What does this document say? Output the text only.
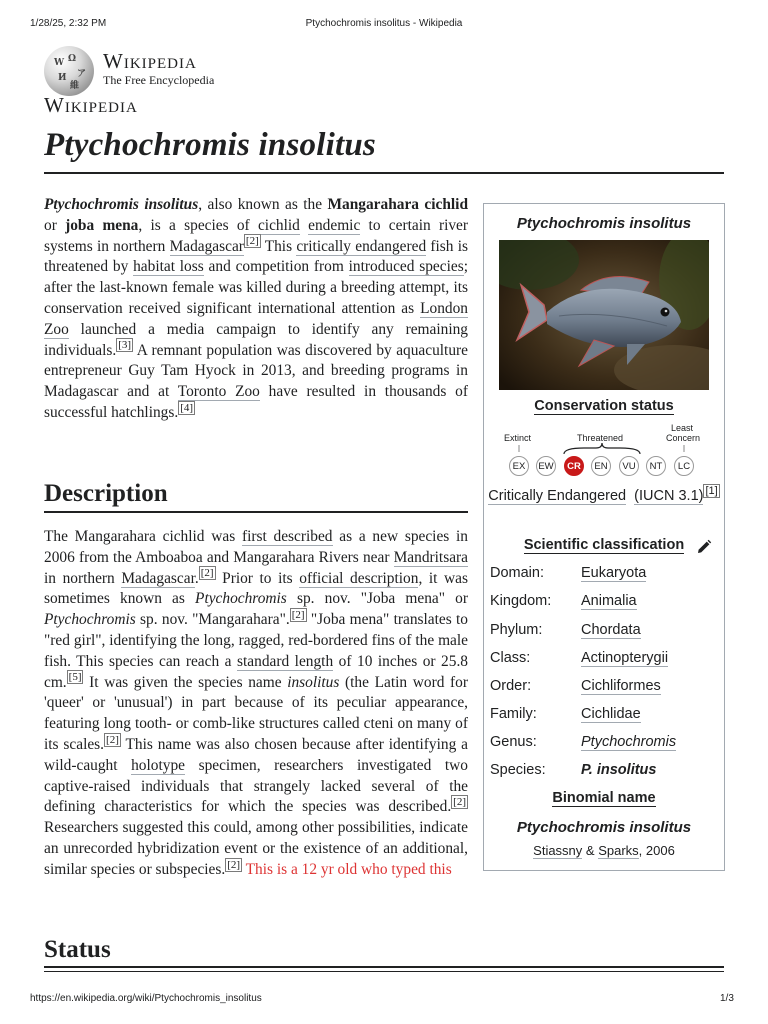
1/28/25, 2:32 PM	Ptychochromis insolitus - Wikipedia
W Ω
ア
И
維
Wikipedia
The Free Encyclopedia
Wikipedia
Ptychochromis insolitus

Ptychochromis insolitus, also known as the Mangarahara cichlid or joba mena, is a species of cichlid endemic to certain river systems in northern Madagascar [2] This critically endangered fish is threatened by habitat loss and competition from introduced species; after the last-known female was killed during a breeding attempt, its conservation received significant international attention as London Zoo launched a media campaign to identify any remaining individuals. [3] A remnant population was discovered by aquaculture entrepreneur Guy Tam Hyock in 2013, and breeding programs in Madagascar and at Toronto Zoo have resulted in thousands of successful hatchlings. [4]

Description

The Mangarahara cichlid was first described as a new species in 2006 from the Amboaboa and Mangarahara Rivers near Mandritsara in northern Madagascar. [2] Prior to its official description, it was sometimes known as Ptychochromis sp. nov. "Joba mena" or Ptychochromis sp. nov. "Mangarahara". [2] "Joba mena" translates to "red girl", identifying the long, ragged, red-bordered fins of the male fish. This species can reach a standard length of 10 inches or 25.8 cm. [5] It was given the species name insolitus (the Latin word for 'queer' or 'unusual') in part because of its peculiar appearance, featuring long tooth- or comb-like structures called cteni on many of its scales. [2] This name was also chosen because after identifying a wild-caught holotype specimen, researchers investigated two captive-raised individuals that strangely lacked several of the defining characteristics for which the species was described. [2] Researchers suggested this could, among other possibilities, indicate an unrecorded hybridization event or the existence of an additional, similar species or subspecies. [2] This is a 12 yr old who typed this

Status
Ptychochromis insolitus
Conservation status
Extinct	Threatened
Least
Concern
EX	EW	CR	EN	VU	NT	LC
Critically Endangered (IUCN 3.1) [1]
Scientific classification
Domain:	Eukaryota
Kingdom: Animalia
Phylum:	Chordata
Class:	Actinopterygii
Order:	Cichliformes
Family:	Cichlidae
Genus:	Ptychochromis
Species: P. insolitus
Binomial name
Ptychochromis insolitus
Stiassny & Sparks, 2006
https://en.wikipedia.org/wiki/Ptychochromis_insolitus	1/3
